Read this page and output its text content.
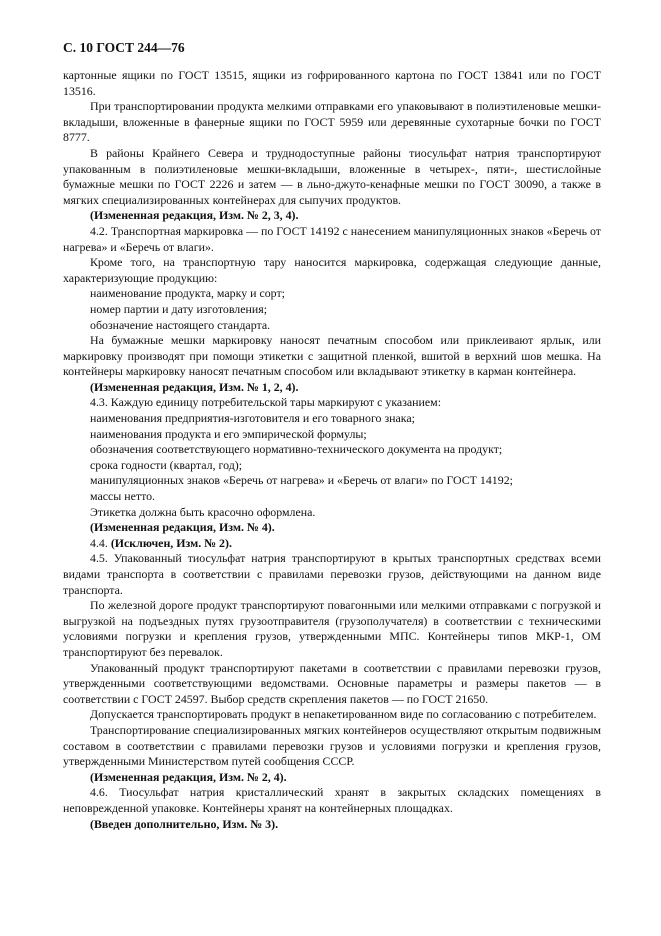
С. 10 ГОСТ 244—76

картонные ящики по ГОСТ 13515, ящики из гофрированного картона по ГОСТ 13841 или по ГОСТ 13516.

При транспортировании продукта мелкими отправками его упаковывают в полиэтиленовые мешки-вкладыши, вложенные в фанерные ящики по ГОСТ 5959 или деревянные сухотарные бочки по ГОСТ 8777.

В районы Крайнего Севера и труднодоступные районы тиосульфат натрия транспортируют упакованным в полиэтиленовые мешки-вкладыши, вложенные в четырех-, пяти-, шестислойные бумажные мешки по ГОСТ 2226 и затем — в льно-джуто-кенафные мешки по ГОСТ 30090, а также в мягких специализированных контейнерах для сыпучих продуктов.

(Измененная редакция, Изм. № 2, 3, 4).

4.2. Транспортная маркировка — по ГОСТ 14192 с нанесением манипуляционных знаков «Беречь от нагрева» и «Беречь от влаги».

Кроме того, на транспортную тару наносится маркировка, содержащая следующие данные, характеризующие продукцию:

наименование продукта, марку и сорт;

номер партии и дату изготовления;

обозначение настоящего стандарта.

На бумажные мешки маркировку наносят печатным способом или приклеивают ярлык, или маркировку производят при помощи этикетки с защитной пленкой, вшитой в верхний шов мешка. На контейнеры маркировку наносят печатным способом или вкладывают этикетку в карман контейнера.

(Измененная редакция, Изм. № 1, 2, 4).

4.3. Каждую единицу потребительской тары маркируют с указанием:

наименования предприятия-изготовителя и его товарного знака;

наименования продукта и его эмпирической формулы;

обозначения соответствующего нормативно-технического документа на продукт;

срока годности (квартал, год);

манипуляционных знаков «Беречь от нагрева» и «Беречь от влаги» по ГОСТ 14192;

массы нетто.

Этикетка должна быть красочно оформлена.

(Измененная редакция, Изм. № 4).

4.4. (Исключен, Изм. № 2).

4.5. Упакованный тиосульфат натрия транспортируют в крытых транспортных средствах всеми видами транспорта в соответствии с правилами перевозки грузов, действующими на данном виде транспорта.

По железной дороге продукт транспортируют повагонными или мелкими отправками с погрузкой и выгрузкой на подъездных путях грузоотправителя (грузополучателя) в соответствии с техническими условиями погрузки и крепления грузов, утвержденными МПС. Контейнеры типов МКР-1, ОМ транспортируют без перевалок.

Упакованный продукт транспортируют пакетами в соответствии с правилами перевозки грузов, утвержденными соответствующими ведомствами. Основные параметры и размеры пакетов — в соответствии с ГОСТ 24597. Выбор средств скрепления пакетов — по ГОСТ 21650.

Допускается транспортировать продукт в непакетированном виде по согласованию с потребителем.

Транспортирование специализированных мягких контейнеров осуществляют открытым подвижным составом в соответствии с правилами перевозки грузов и условиями погрузки и крепления грузов, утвержденными Министерством путей сообщения СССР.

(Измененная редакция, Изм. № 2, 4).

4.6. Тиосульфат натрия кристаллический хранят в закрытых складских помещениях в неповрежденной упаковке. Контейнеры хранят на контейнерных площадках.

(Введен дополнительно, Изм. № 3).
